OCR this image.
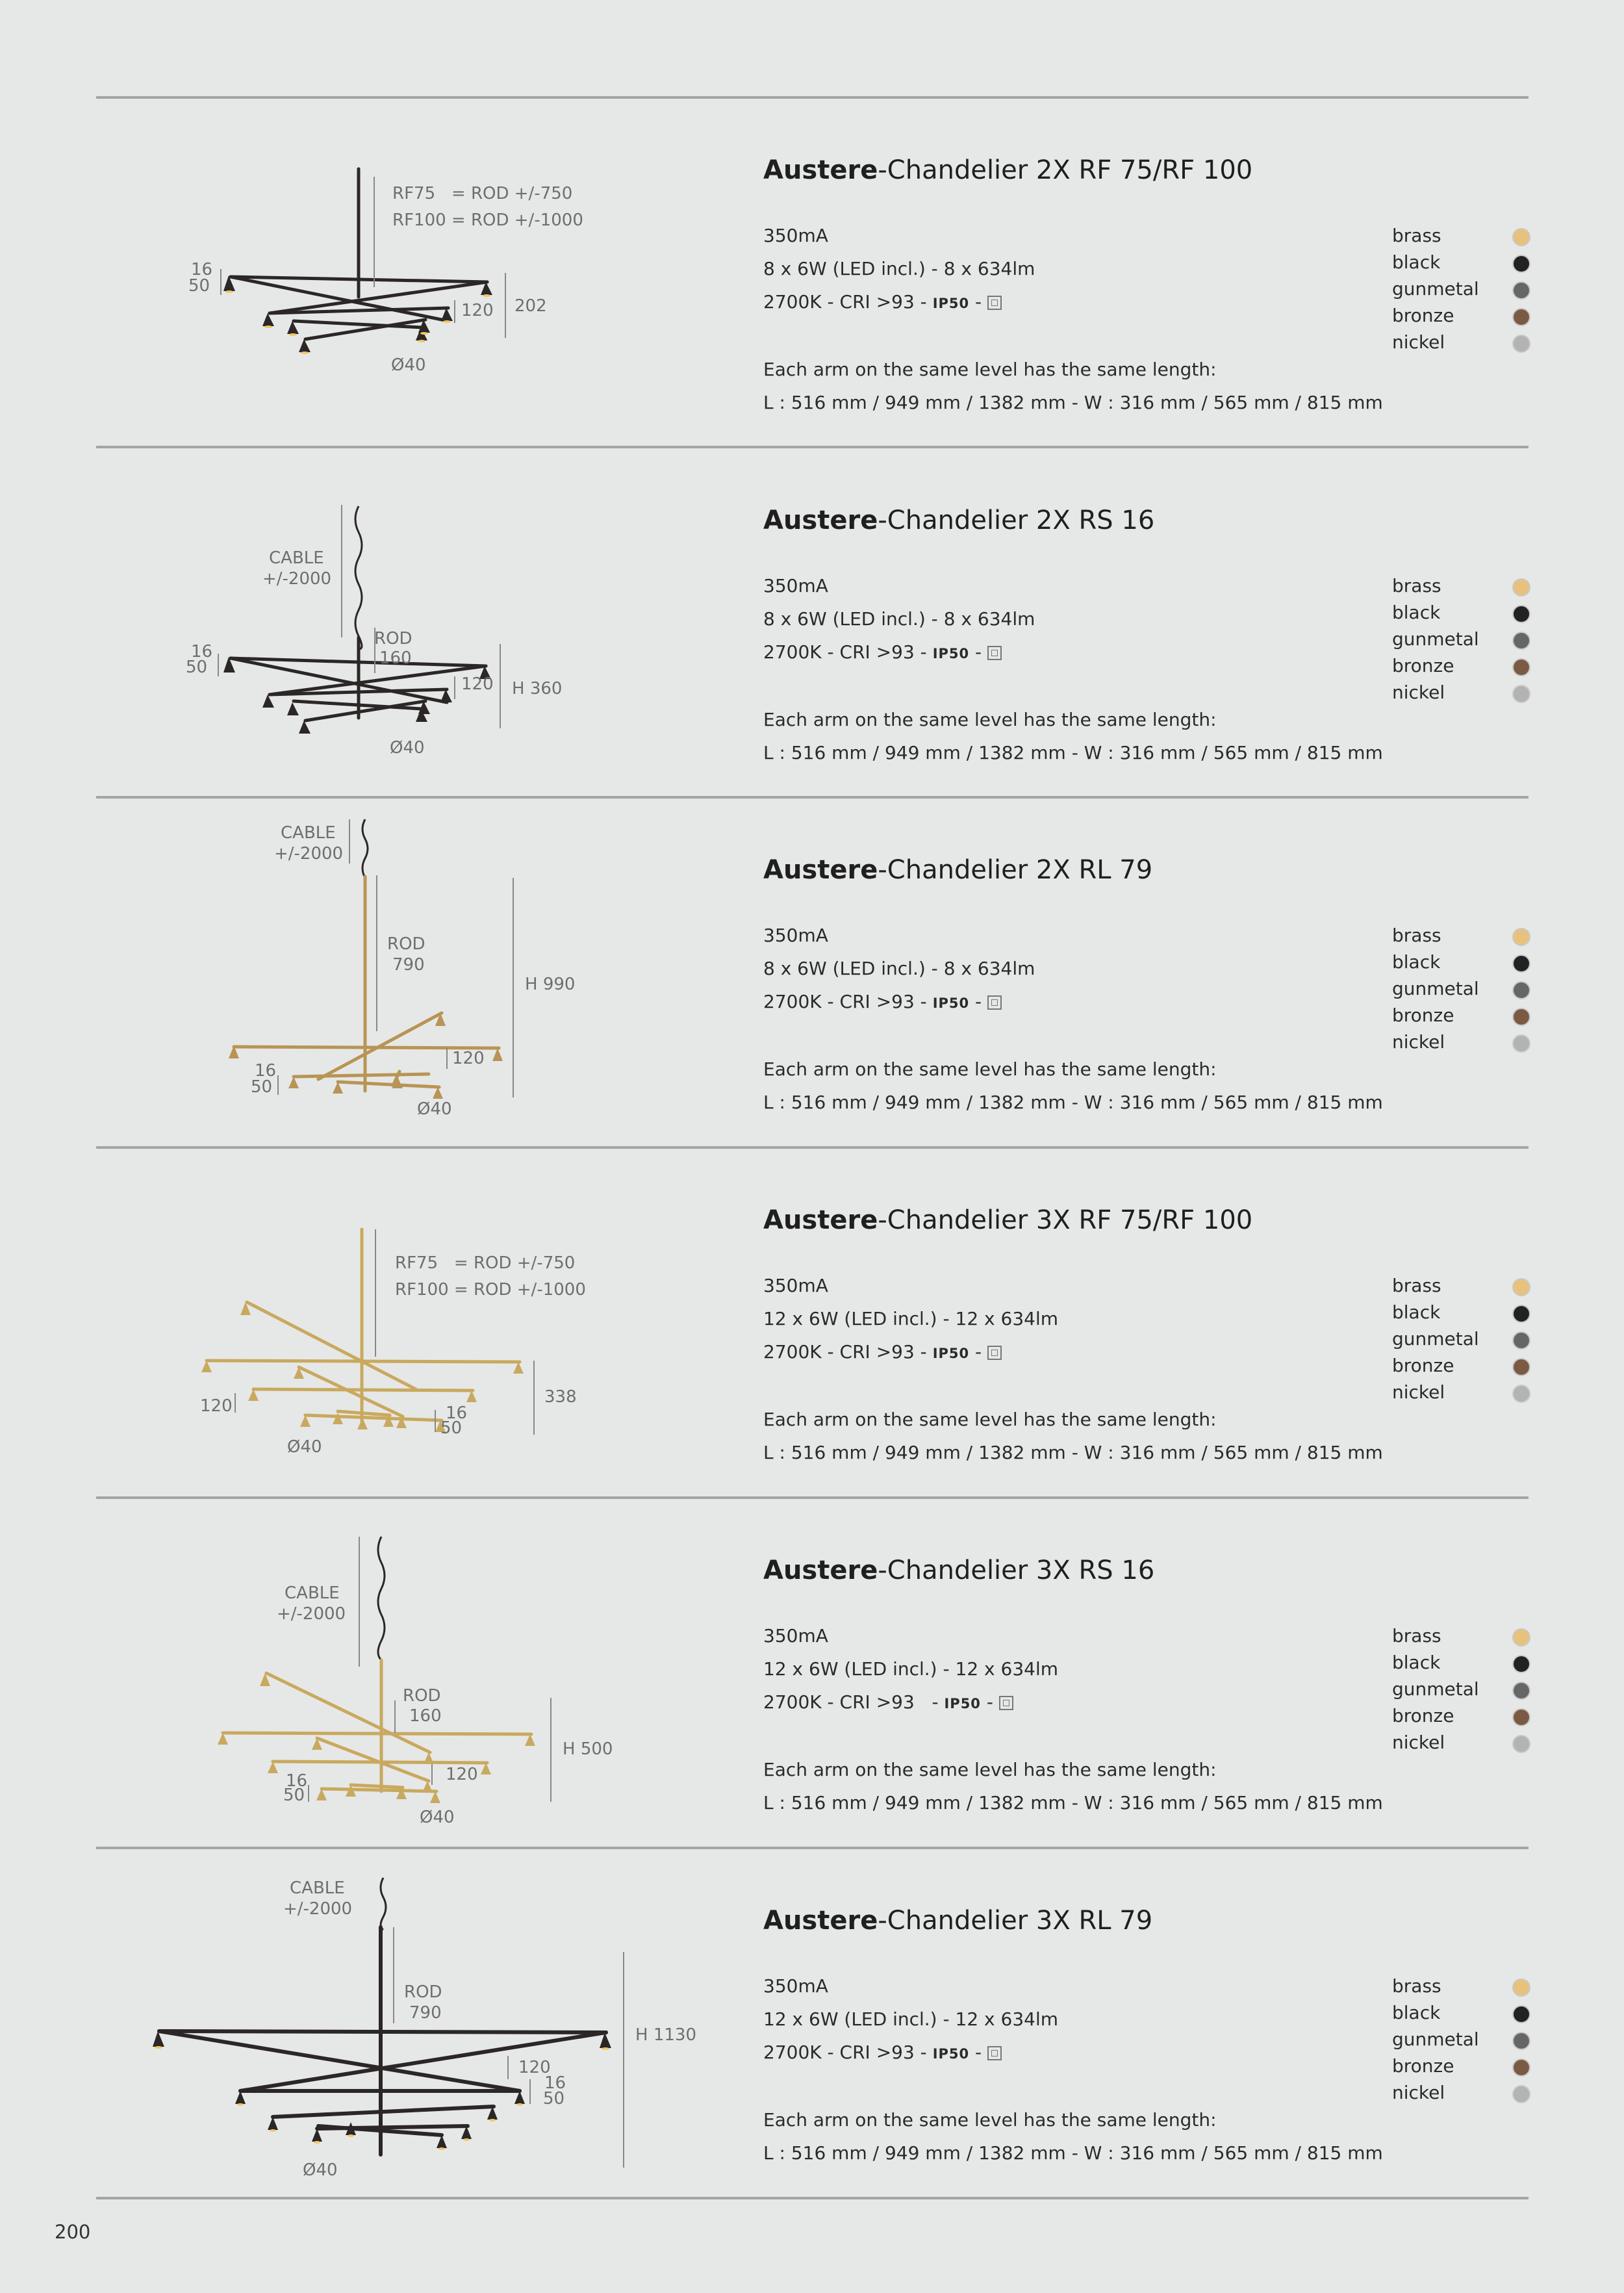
RF75   = ROD +/-750
RF100 = ROD +/-1000
16
50
120 202
Ø40
Austere-Chandelier 2X RF 75/RF 100
350mA
8 x 6W (LED incl.) - 8 x 634lm
2700K - CRI >93 - IP50 -
Each arm on the same level has the same length:
L : 516 mm / 949 mm / 1382 mm - W : 316 mm / 565 mm / 815 mm
brass
black
gunmetal
bronze
nickel
CABLE
+/-2000
ROD
160
16
50
120 H 360
Ø40
Austere-Chandelier 2X RS 16
350mA
8 x 6W (LED incl.) - 8 x 634lm
2700K - CRI >93 - IP50 -
Each arm on the same level has the same length:
L : 516 mm / 949 mm / 1382 mm - W : 316 mm / 565 mm / 815 mm
brass
black
gunmetal
bronze
nickel
CABLE
+/-2000
ROD
790
H 990
120
16
50
Ø40
Austere-Chandelier 2X RL 79
350mA
8 x 6W (LED incl.) - 8 x 634lm
2700K - CRI >93 - IP50 -
Each arm on the same level has the same length:
L : 516 mm / 949 mm / 1382 mm - W : 316 mm / 565 mm / 815 mm
brass
black
gunmetal
bronze
nickel
RF75   = ROD +/-750
RF100 = ROD +/-1000
338
120	16
50
Ø40
Austere-Chandelier 3X RF 75/RF 100
350mA
12 x 6W (LED incl.) - 12 x 634lm
2700K - CRI >93 - IP50 -
Each arm on the same level has the same length:
L : 516 mm / 949 mm / 1382 mm - W : 316 mm / 565 mm / 815 mm
brass
black
gunmetal
bronze
nickel
CABLE
+/-2000
ROD
160
H 500
120
16
50
Ø40
Austere-Chandelier 3X RS 16
350mA
12 x 6W (LED incl.) - 12 x 634lm
2700K - CRI >93   - IP50 -
Each arm on the same level has the same length:
L : 516 mm / 949 mm / 1382 mm - W : 316 mm / 565 mm / 815 mm
brass
black
gunmetal
bronze
nickel
CABLE
+/-2000
ROD
790
H 1130
120
16
50
Ø40
Austere-Chandelier 3X RL 79
350mA
12 x 6W (LED incl.) - 12 x 634lm
2700K - CRI >93 - IP50 -
Each arm on the same level has the same length:
L : 516 mm / 949 mm / 1382 mm - W : 316 mm / 565 mm / 815 mm
brass
black
gunmetal
bronze
nickel
200
